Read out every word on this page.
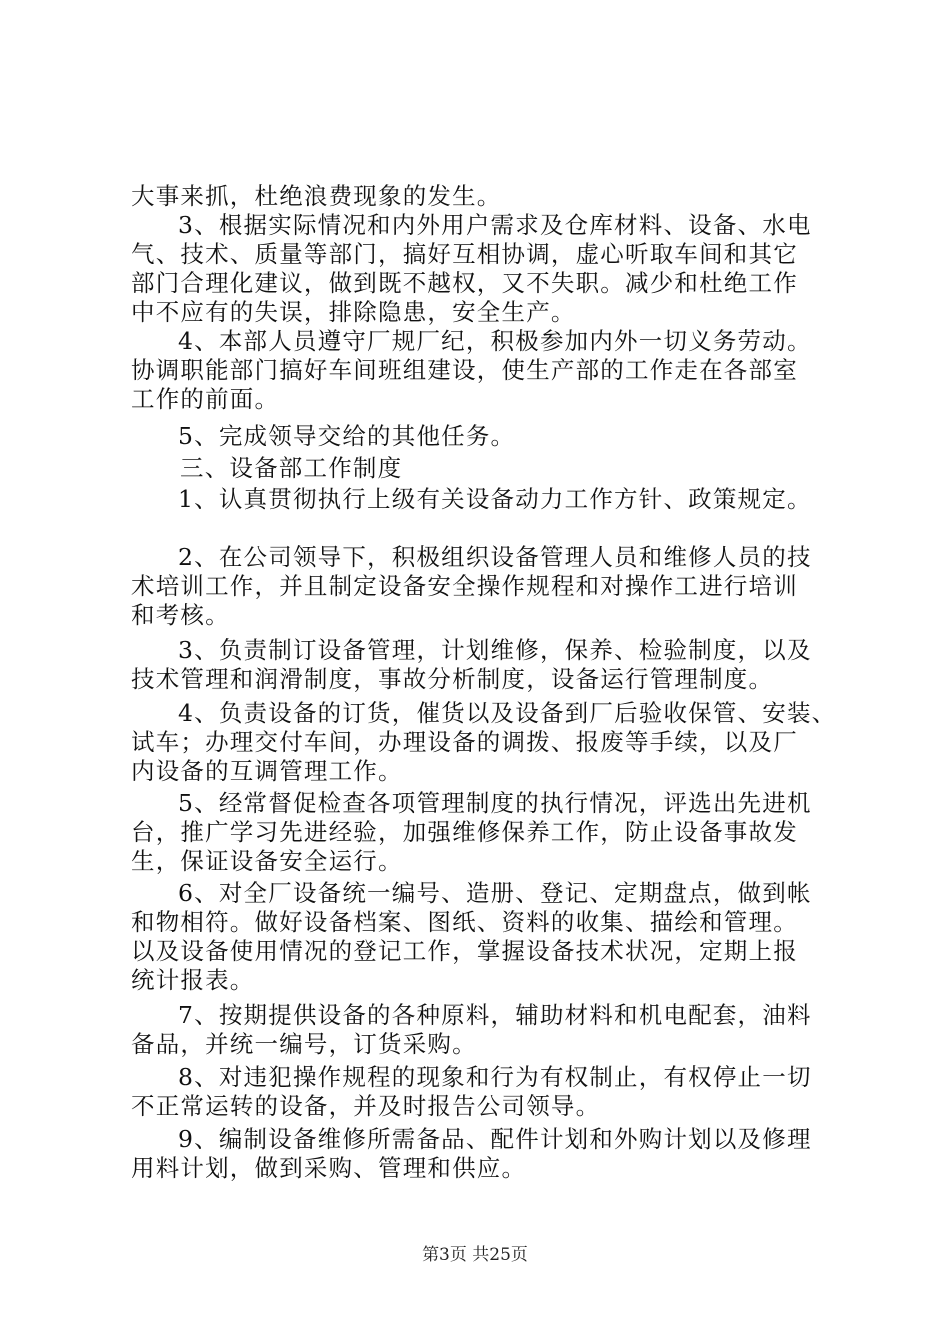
大事来抓，杜绝浪费现象的发生。
3、根据实际情况和内外用户需求及仓库材料、设备、水电
气、技术、质量等部门，搞好互相协调，虚心听取车间和其它
部门合理化建议，做到既不越权，又不失职。减少和杜绝工作
中不应有的失误，排除隐患，安全生产。
4、本部人员遵守厂规厂纪，积极参加内外一切义务劳动。
协调职能部门搞好车间班组建设，使生产部的工作走在各部室
工作的前面。
5、完成领导交给的其他任务。
三、设备部工作制度
1、认真贯彻执行上级有关设备动力工作方针、政策规定。
2、在公司领导下，积极组织设备管理人员和维修人员的技
术培训工作，并且制定设备安全操作规程和对操作工进行培训
和考核。
3、负责制订设备管理，计划维修，保养、检验制度，以及
技术管理和润滑制度，事故分析制度，设备运行管理制度。
4、负责设备的订货，催货以及设备到厂后验收保管、安装、
试车；办理交付车间，办理设备的调拨、报废等手续，以及厂
内设备的互调管理工作。
5、经常督促检查各项管理制度的执行情况，评选出先进机
台，推广学习先进经验，加强维修保养工作，防止设备事故发
生，保证设备安全运行。
6、对全厂设备统一编号、造册、登记、定期盘点，做到帐
和物相符。做好设备档案、图纸、资料的收集、描绘和管理。
以及设备使用情况的登记工作，掌握设备技术状况，定期上报
统计报表。
7、按期提供设备的各种原料，辅助材料和机电配套，油料
备品，并统一编号，订货采购。
8、对违犯操作规程的现象和行为有权制止，有权停止一切
不正常运转的设备，并及时报告公司领导。
9、编制设备维修所需备品、配件计划和外购计划以及修理
用料计划，做到采购、管理和供应。
第3页 共25页
